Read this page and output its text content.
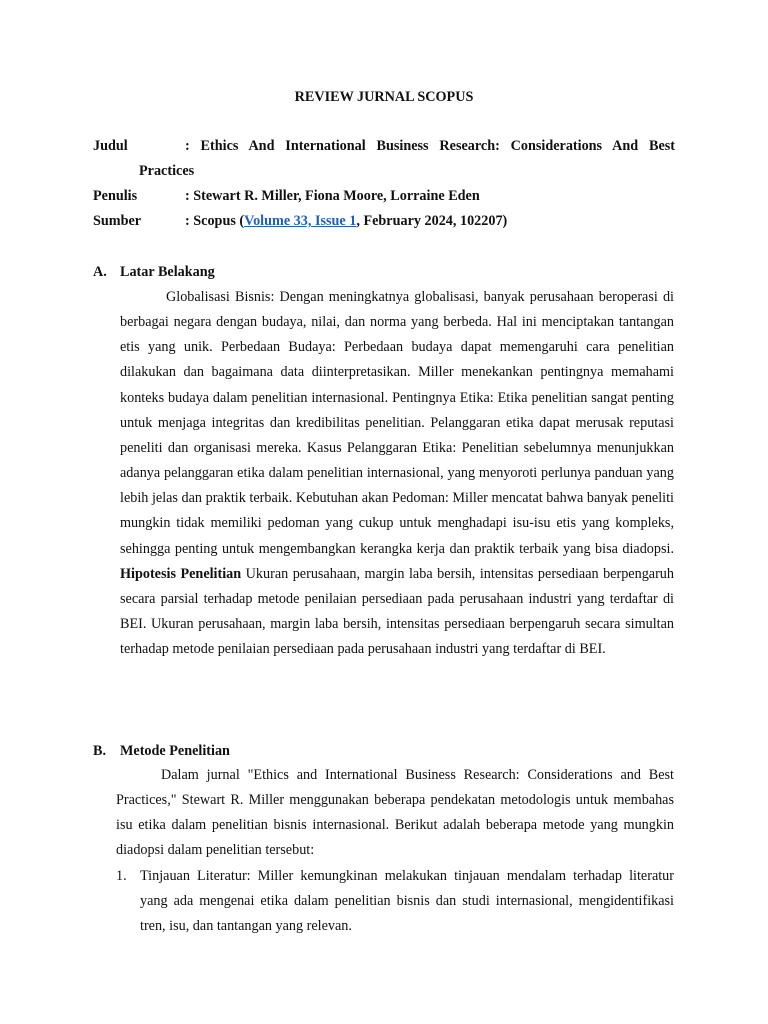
REVIEW JURNAL SCOPUS
Judul	: Ethics And International Business Research: Considerations And Best Practices
Penulis	: Stewart R. Miller, Fiona Moore, Lorraine Eden
Sumber	: Scopus (Volume 33, Issue 1, February 2024, 102207)
A. Latar Belakang
Globalisasi Bisnis: Dengan meningkatnya globalisasi, banyak perusahaan beroperasi di berbagai negara dengan budaya, nilai, dan norma yang berbeda. Hal ini menciptakan tantangan etis yang unik. Perbedaan Budaya: Perbedaan budaya dapat memengaruhi cara penelitian dilakukan dan bagaimana data diinterpretasikan. Miller menekankan pentingnya memahami konteks budaya dalam penelitian internasional. Pentingnya Etika: Etika penelitian sangat penting untuk menjaga integritas dan kredibilitas penelitian. Pelanggaran etika dapat merusak reputasi peneliti dan organisasi mereka. Kasus Pelanggaran Etika: Penelitian sebelumnya menunjukkan adanya pelanggaran etika dalam penelitian internasional, yang menyoroti perlunya panduan yang lebih jelas dan praktik terbaik. Kebutuhan akan Pedoman: Miller mencatat bahwa banyak peneliti mungkin tidak memiliki pedoman yang cukup untuk menghadapi isu-isu etis yang kompleks, sehingga penting untuk mengembangkan kerangka kerja dan praktik terbaik yang bisa diadopsi. Hipotesis Penelitian Ukuran perusahaan, margin laba bersih, intensitas persediaan berpengaruh secara parsial terhadap metode penilaian persediaan pada perusahaan industri yang terdaftar di BEI. Ukuran perusahaan, margin laba bersih, intensitas persediaan berpengaruh secara simultan terhadap metode penilaian persediaan pada perusahaan industri yang terdaftar di BEI.
B. Metode Penelitian
Dalam jurnal "Ethics and International Business Research: Considerations and Best Practices," Stewart R. Miller menggunakan beberapa pendekatan metodologis untuk membahas isu etika dalam penelitian bisnis internasional. Berikut adalah beberapa metode yang mungkin diadopsi dalam penelitian tersebut:
1. Tinjauan Literatur: Miller kemungkinan melakukan tinjauan mendalam terhadap literatur yang ada mengenai etika dalam penelitian bisnis dan studi internasional, mengidentifikasi tren, isu, dan tantangan yang relevan.
